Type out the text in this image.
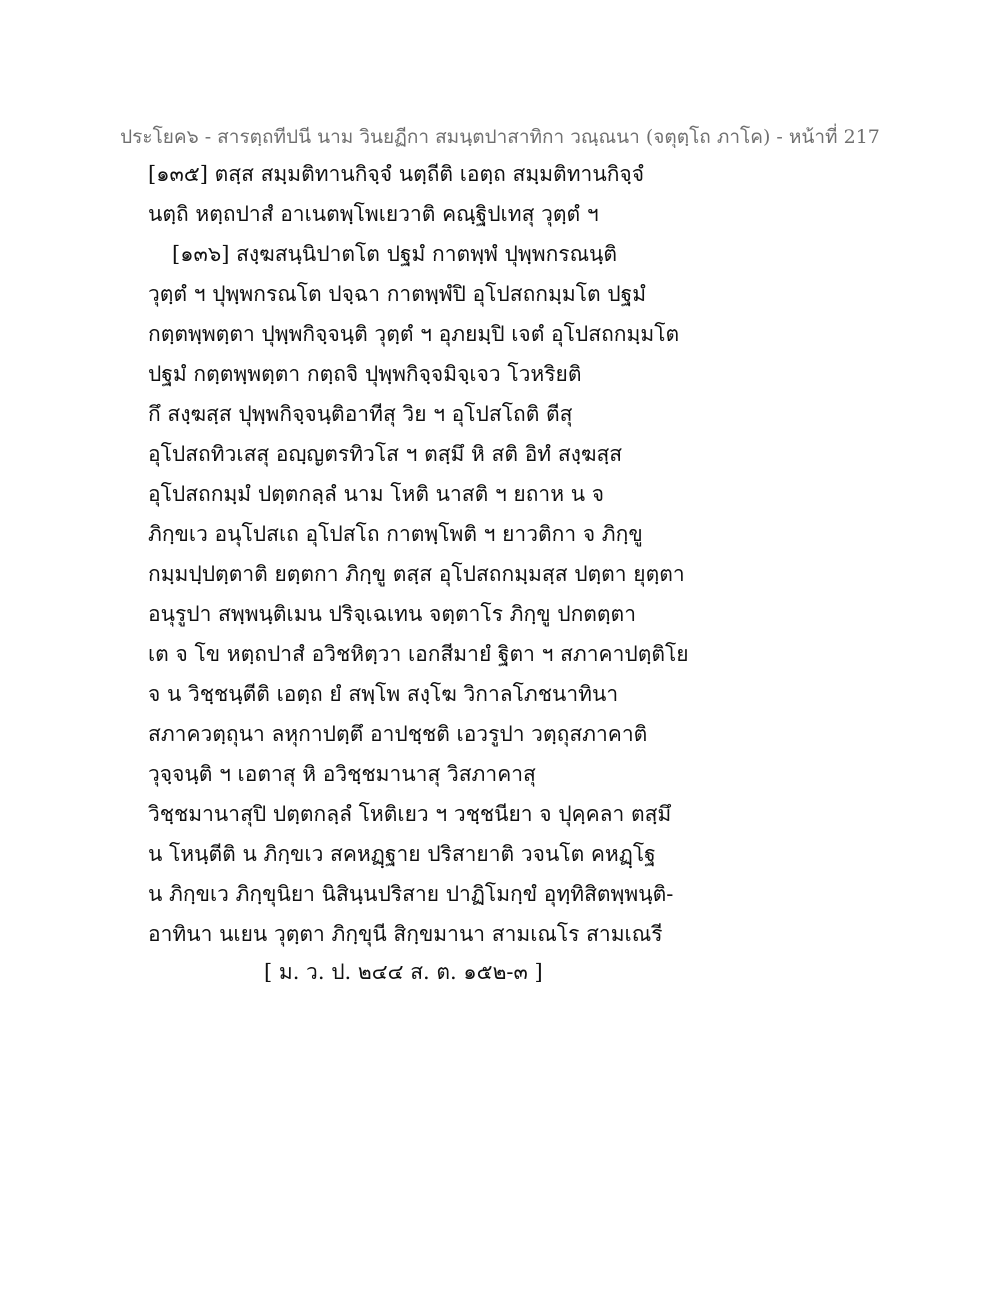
ประโยค๖ - สารตฺถทีปนี นาม วินยฏีกา สมนฺตปาสาทิกา วณฺณนา (จตุตฺโถ ภาโค) - หน้าที่ 217
[๑๓๕] ตสฺส สมฺมติทานกิจฺจํ นตฺถีติ เอตฺถ สมฺมติทานกิจฺจํ
นตฺถิ หตฺถปาสํ อาเนตพฺโพเยวาติ คณฺฐิปเทสุ วุตฺตํ ฯ
[๑๓๖] สงฺฆสนฺนิปาตโต ปฐมํ กาตพฺพํ ปุพฺพกรณนฺติ
วุตฺตํ ฯ ปุพฺพกรณโต ปจฺฉา กาตพฺพํปิ อุโปสถกมฺมโต ปฐมํ
กตฺตพฺพตฺตา ปุพฺพกิจฺจนฺติ วุตฺตํ ฯ อุภยมฺปิ เจตํ อุโปสถกมฺมโต
ปฐมํ กตฺตพฺพตฺตา กตฺถจิ ปุพฺพกิจฺจมิจฺเจว โวหริยติ
กึ สงฺฆสฺส ปุพฺพกิจฺจนฺติอาทีสุ วิย ฯ อุโปสโถติ ตีสุ
อุโปสถทิวเสสุ อญฺญตรทิวโส ฯ ตสฺมึ หิ สติ อิทํ สงฺฆสฺส
อุโปสถกมฺมํ ปตฺตกลฺลํ นาม โหติ นาสติ ฯ ยถาห น จ
ภิกฺขเว อนุโปสเถ อุโปสโถ กาตพฺโพติ ฯ ยาวติกา จ ภิกฺขู
กมฺมปฺปตฺตาติ ยตฺตกา ภิกฺขู ตสฺส อุโปสถกมฺมสฺส ปตฺตา ยุตฺตา
อนุรูปา สพฺพนฺติเมน ปริจฺเฉเทน จตฺตาโร ภิกฺขู ปกตตฺตา
เต จ โข หตฺถปาสํ อวิชหิตฺวา เอกสีมายํ ฐิตา ฯ สภาคาปตฺติโย
จ น วิชฺชนฺตีติ เอตฺถ ยํ สพฺโพ สงฺโฆ วิกาลโภชนาทินา
สภาควตฺถุนา ลหุกาปตฺตึ อาปชฺชติ เอวรูปา วตฺถุสภาคาติ
วุจฺจนฺติ ฯ เอตาสุ หิ อวิชฺชมานาสุ วิสภาคาสุ
วิชฺชมานาสุปิ ปตฺตกลฺลํ โหติเยว ฯ วชฺชนียา จ ปุคฺคลา ตสฺมึ
น โหนฺตีติ น ภิกฺขเว สคหฏฺฐาย ปริสายาติ วจนโต คหฏฺโฐ
น ภิกฺขเว ภิกฺขุนิยา นิสินฺนปริสาย ปาฏิโมกฺขํ อุทฺทิสิตพฺพนฺติ-
อาทินา นเยน วุตฺตา ภิกฺขุนี สิกฺขมานา สามเณโร สามเณรี
[ ม. ว. ป. ๒๔๔ ส. ต. ๑๕๒-๓ ]
